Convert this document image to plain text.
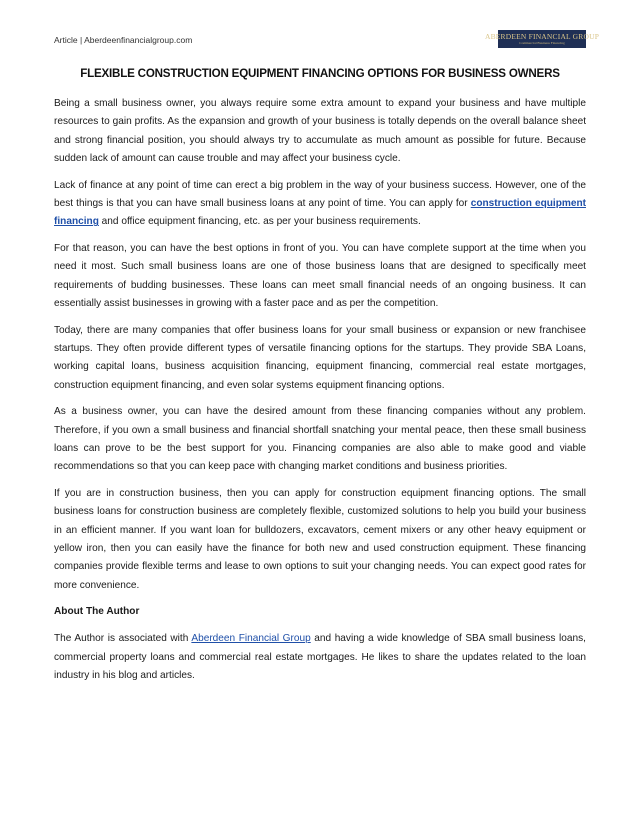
Article | Aberdeenfinancialgroup.com	ABERDEEN FINANCIAL GROUP
Commercial Business Financing
FLEXIBLE CONSTRUCTION EQUIPMENT FINANCING OPTIONS FOR BUSINESS OWNERS

Being a small business owner, you always require some extra amount to expand your business and have multiple resources to gain profits. As the expansion and growth of your business is totally depends on the overall balance sheet and strong financial position, you should always try to accumulate as much amount as possible for future. Because sudden lack of amount can cause trouble and may affect your business cycle.

Lack of finance at any point of time can erect a big problem in the way of your business success. However, one of the best things is that you can have small business loans at any point of time. You can apply for construction equipment financing and office equipment financing, etc. as per your business requirements.

For that reason, you can have the best options in front of you. You can have complete support at the time when you need it most. Such small business loans are one of those business loans that are designed to specifically meet requirements of budding businesses. These loans can meet small financial needs of an ongoing business. It can essentially assist businesses in growing with a faster pace and as per the competition.

Today, there are many companies that offer business loans for your small business or expansion or new franchisee startups. They often provide different types of versatile financing options for the startups. They provide SBA Loans, working capital loans, business acquisition financing, equipment financing, commercial real estate mortgages, construction equipment financing, and even solar systems equipment financing options.

As a business owner, you can have the desired amount from these financing companies without any problem. Therefore, if you own a small business and financial shortfall snatching your mental peace, then these small business loans can prove to be the best support for you. Financing companies are also able to make good and viable recommendations so that you can keep pace with changing market conditions and business priorities.

If you are in construction business, then you can apply for construction equipment financing options. The small business loans for construction business are completely flexible, customized solutions to help you build your business in an efficient manner. If you want loan for bulldozers, excavators, cement mixers or any other heavy equipment or yellow iron, then you can easily have the finance for both new and used construction equipment. These financing companies provide flexible terms and lease to own options to suit your changing needs. You can expect good rates for more convenience.

About The Author

The Author is associated with Aberdeen Financial Group and having a wide knowledge of SBA small business loans, commercial property loans and commercial real estate mortgages. He likes to share the updates related to the loan industry in his blog and articles.
